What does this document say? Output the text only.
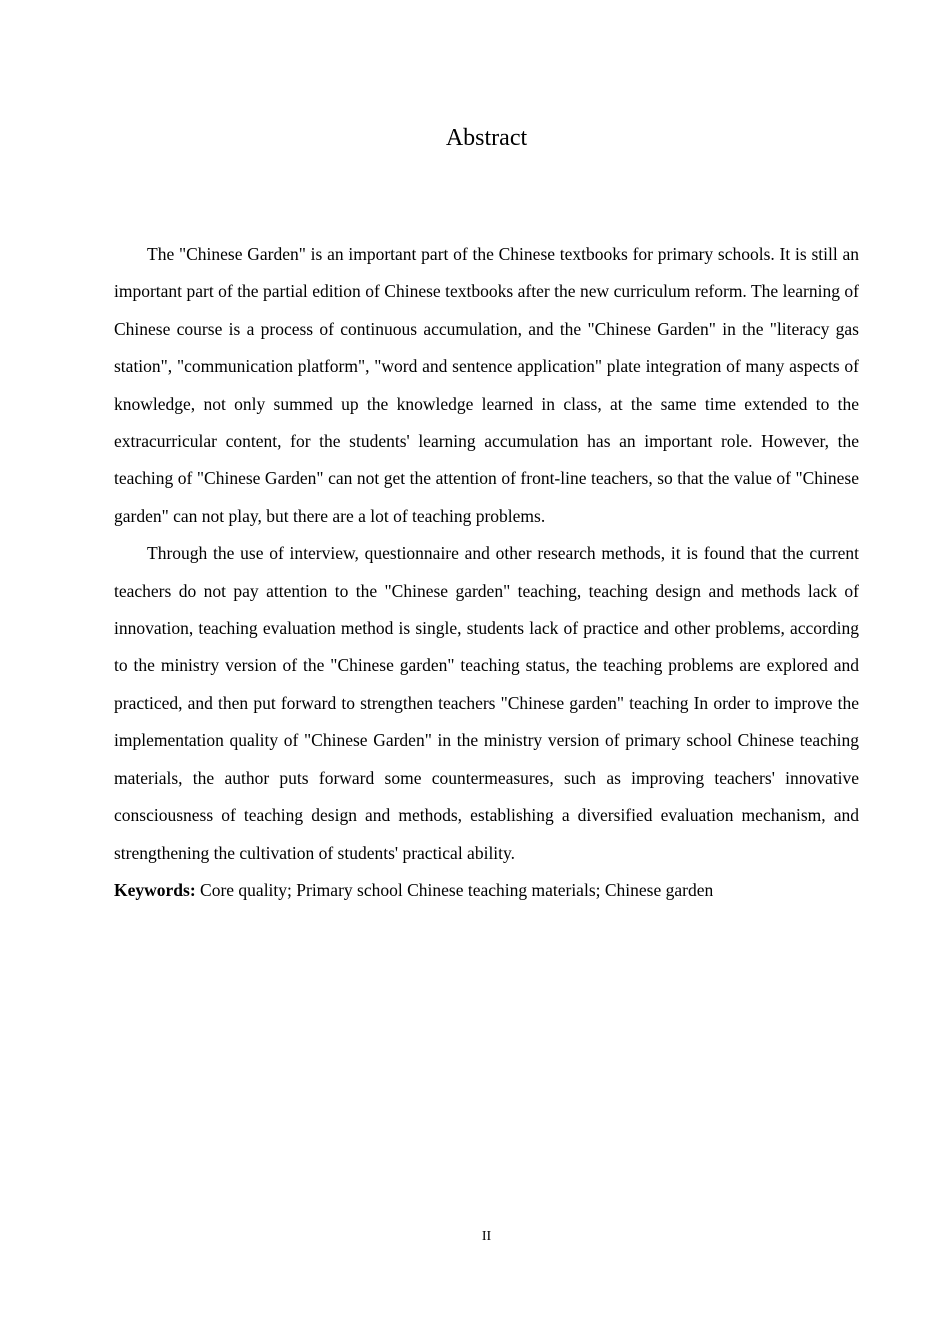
Abstract

The "Chinese Garden" is an important part of the Chinese textbooks for primary schools. It is still an important part of the partial edition of Chinese textbooks after the new curriculum reform. The learning of Chinese course is a process of continuous accumulation, and the "Chinese Garden" in the "literacy gas station", "communication platform", "word and sentence application" plate integration of many aspects of knowledge, not only summed up the knowledge learned in class, at the same time extended to the extracurricular content, for the students' learning accumulation has an important role. However, the teaching of "Chinese Garden" can not get the attention of front-line teachers, so that the value of "Chinese garden" can not play, but there are a lot of teaching problems.

Through the use of interview, questionnaire and other research methods, it is found that the current teachers do not pay attention to the "Chinese garden" teaching, teaching design and methods lack of innovation, teaching evaluation method is single, students lack of practice and other problems, according to the ministry version of the "Chinese garden" teaching status, the teaching problems are explored and practiced, and then put forward to strengthen teachers "Chinese garden" teaching In order to improve the implementation quality of "Chinese Garden" in the ministry version of primary school Chinese teaching materials, the author puts forward some countermeasures, such as improving teachers' innovative consciousness of teaching design and methods, establishing a diversified evaluation mechanism, and strengthening the cultivation of students' practical ability.

Keywords: Core quality; Primary school Chinese teaching materials; Chinese garden

II
